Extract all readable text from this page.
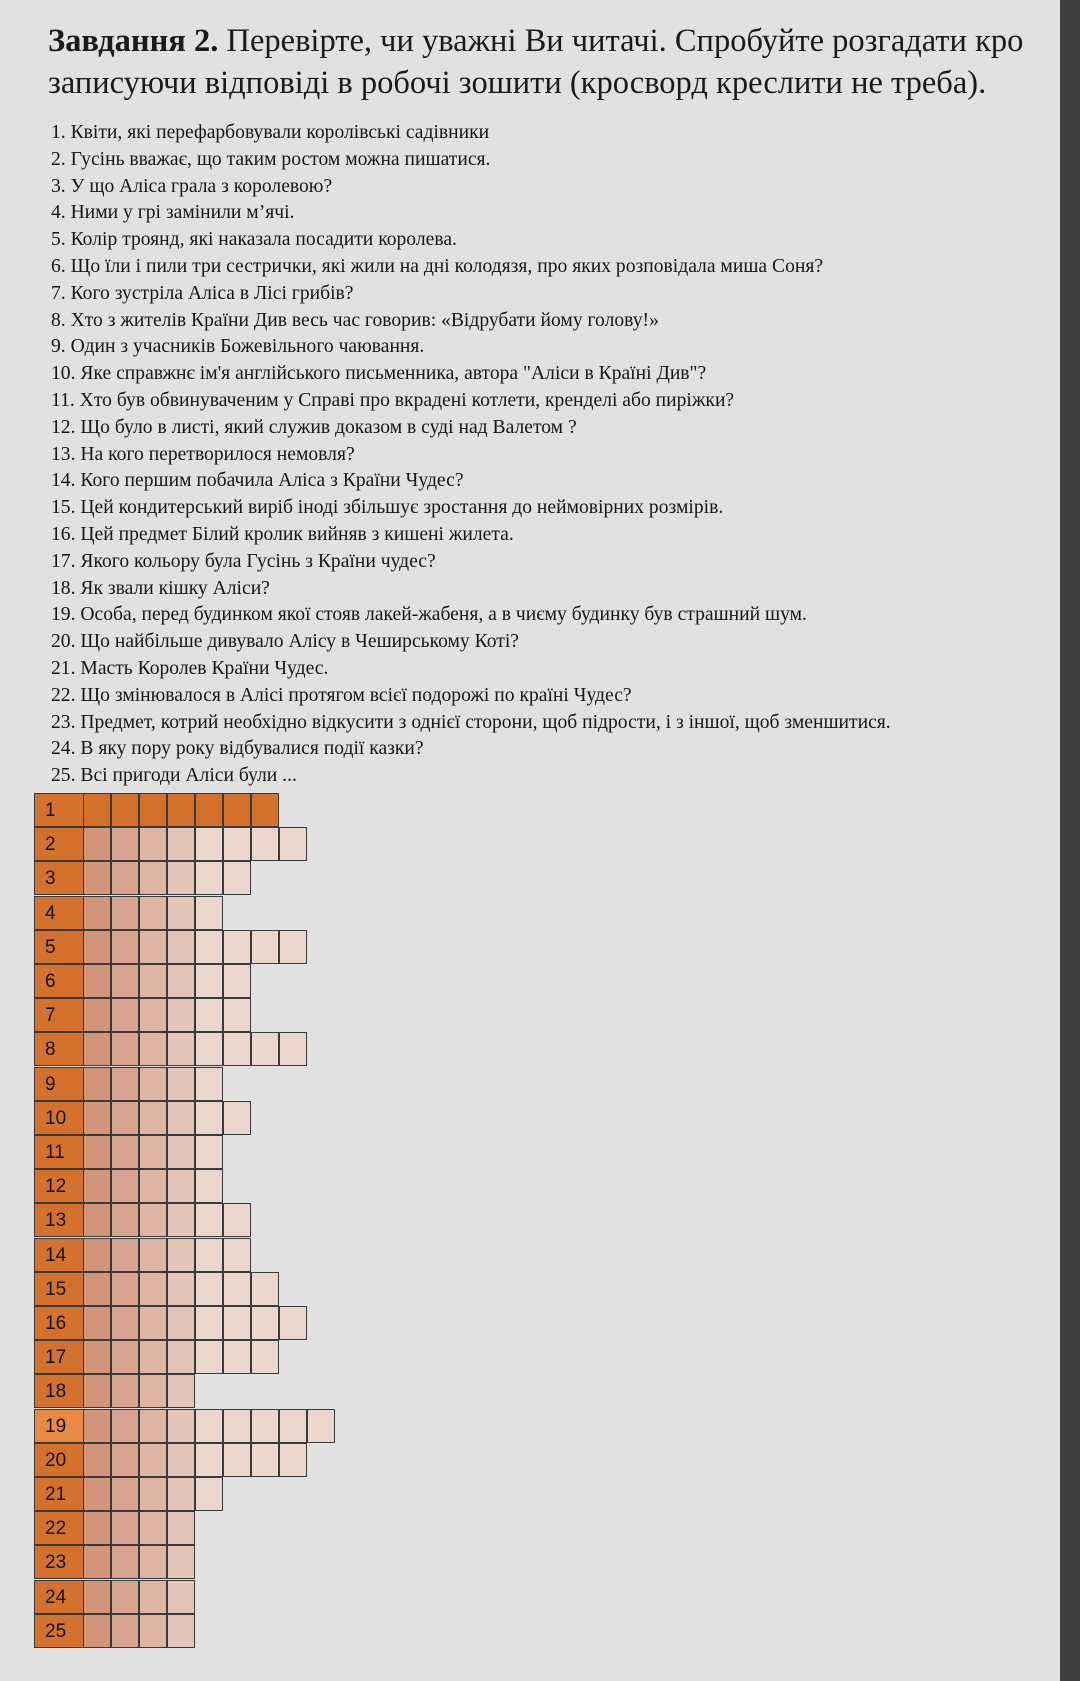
Завдання 2. Перевірте, чи уважні Ви читачі. Спробуйте розгадати кро
записуючи відповіді в робочі зошити (кросворд креслити не треба).
1. Квіти, які перефарбовували королівські садівники
2. Гусінь вважає, що таким ростом можна пишатися.
3. У що Аліса грала з королевою?
4. Ними у грі замінили м’ячі.
5. Колір троянд, які наказала посадити королева.
6. Що їли і пили три сестрички, які жили на дні колодязя, про яких розповідала миша Соня?
7. Кого зустріла Аліса в Лісі грибів?
8. Хто з жителів Країни Див весь час говорив: «Відрубати йому голову!»
9. Один з учасників Божевільного чаювання.
10. Яке справжнє ім'я англійського письменника, автора "Аліси в Країні Див"?
11. Хто був обвинуваченим у Справі про вкрадені котлети, кренделі або пиріжки?
12. Що було в листі, який служив доказом в суді над Валетом ?
13. На кого перетворилося немовля?
14. Кого першим побачила Аліса з Країни Чудес?
15. Цей кондитерський виріб іноді збільшує зростання до неймовірних розмірів.
16. Цей предмет Білий кролик вийняв з кишені жилета.
17. Якого кольору була Гусінь з Країни чудес?
18. Як звали кішку Аліси?
19. Особа, перед будинком якої стояв лакей-жабеня, а в чиєму будинку був страшний шум.
20. Що найбільше дивувало Алісу в Чеширському Коті?
21. Масть Королев Країни Чудес.
22. Що змінювалося в Алісі протягом всієї подорожі по країні Чудес?
23. Предмет, котрий необхідно відкусити з однієї сторони, щоб підрости, і з іншої, щоб зменшитися.
24. В яку пору року відбувалися події казки?
25. Всі пригоди Аліси були ...
1
2
3
4
5
6
7
8
9
10
11
12
13
14
15
16
17
18
19
20
21
22
23
24
25
